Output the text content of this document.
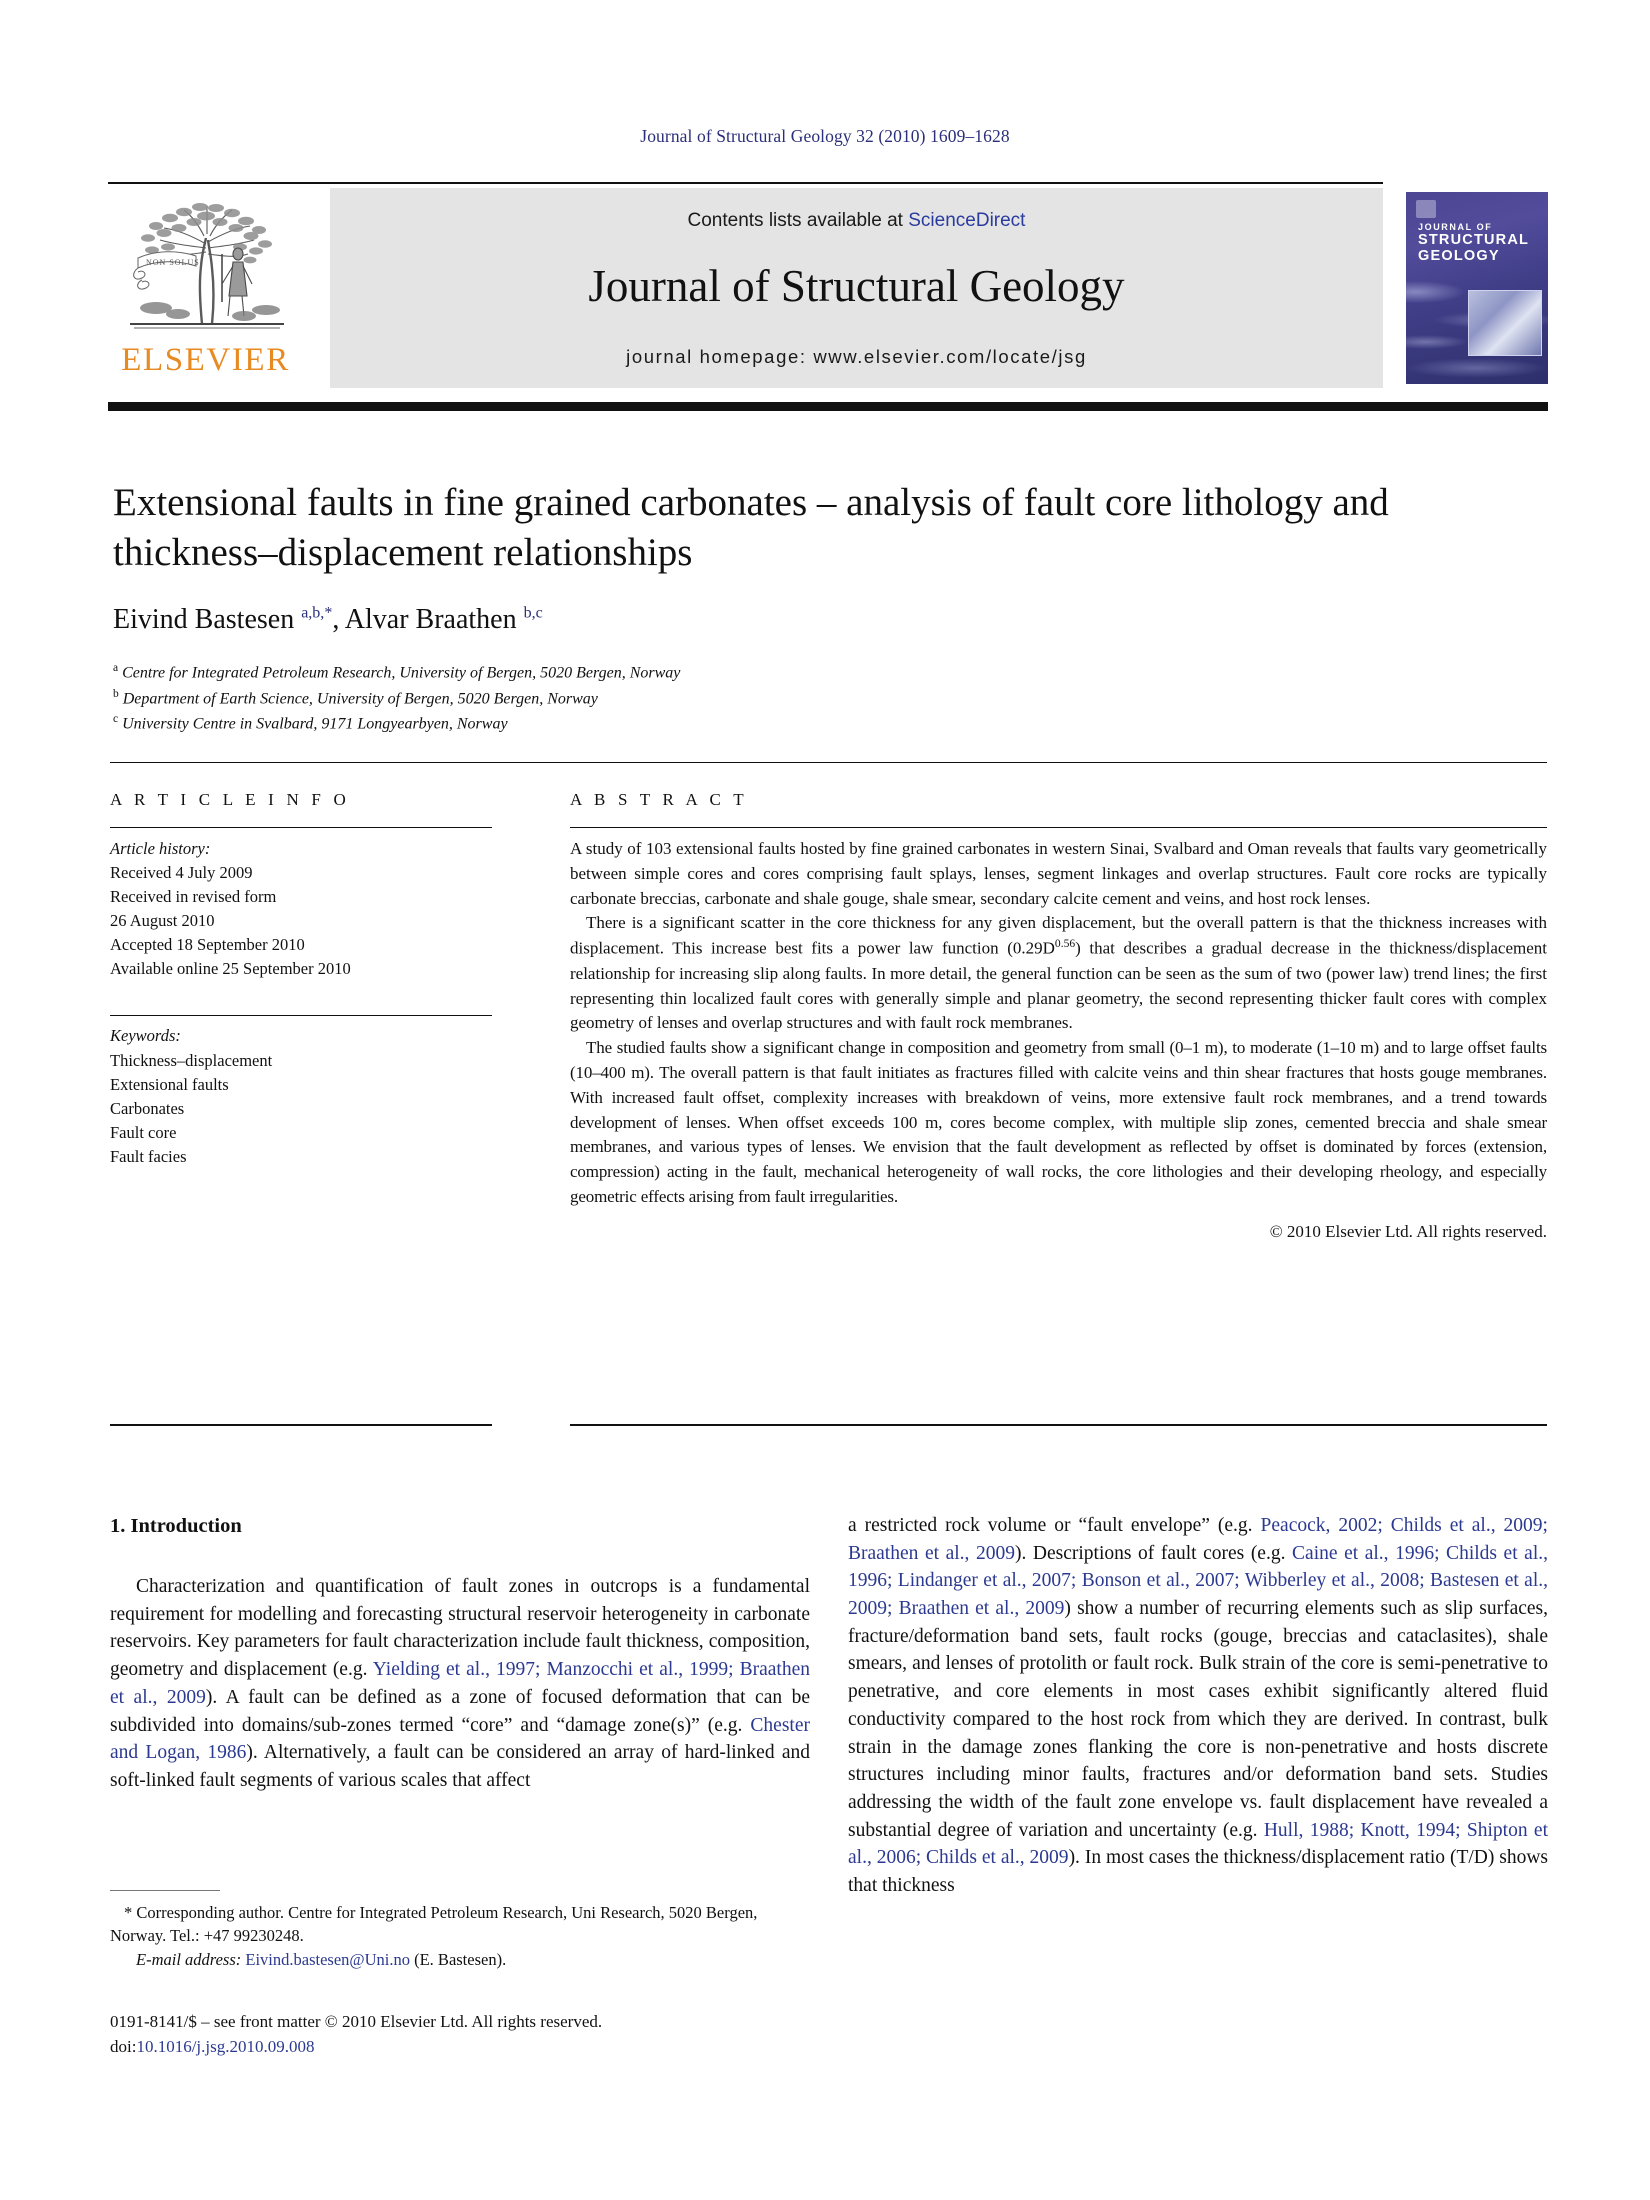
Journal of Structural Geology 32 (2010) 1609–1628
NON SOLUS
ELSEVIER
Contents lists available at ScienceDirect
Journal of Structural Geology
journal homepage: www.elsevier.com/locate/jsg
JOURNAL OF
STRUCTURAL
GEOLOGY
Extensional faults in fine grained carbonates – analysis of fault core lithology and thickness–displacement relationships
Eivind Bastesen $^{a,b,*}$, Alvar Braathen $^{b,c}$
$^a$ Centre for Integrated Petroleum Research, University of Bergen, 5020 Bergen, Norway
$^b$ Department of Earth Science, University of Bergen, 5020 Bergen, Norway
$^c$ University Centre in Svalbard, 9171 Longyearbyen, Norway
A R T I C L E I N F O
Article history:
Received 4 July 2009
Received in revised form
26 August 2010
Accepted 18 September 2010
Available online 25 September 2010
Keywords:
Thickness–displacement
Extensional faults
Carbonates
Fault core
Fault facies
A B S T R A C T

A study of 103 extensional faults hosted by fine grained carbonates in western Sinai, Svalbard and Oman reveals that faults vary geometrically between simple cores and cores comprising fault splays, lenses, segment linkages and overlap structures. Fault core rocks are typically carbonate breccias, carbonate and shale gouge, shale smear, secondary calcite cement and veins, and host rock lenses.

There is a significant scatter in the core thickness for any given displacement, but the overall pattern is that the thickness increases with displacement. This increase best fits a power law function $(0.29D^{0.56})$ that describes a gradual decrease in the thickness/displacement relationship for increasing slip along faults. In more detail, the general function can be seen as the sum of two (power law) trend lines; the first representing thin localized fault cores with generally simple and planar geometry, the second representing thicker fault cores with complex geometry of lenses and overlap structures and with fault rock membranes.

The studied faults show a significant change in composition and geometry from small (0–1 m), to moderate (1–10 m) and to large offset faults (10–400 m). The overall pattern is that fault initiates as fractures filled with calcite veins and thin shear fractures that hosts gouge membranes. With increased fault offset, complexity increases with breakdown of veins, more extensive fault rock membranes, and a trend towards development of lenses. When offset exceeds 100 m, cores become complex, with multiple slip zones, cemented breccia and shale smear membranes, and various types of lenses. We envision that the fault development as reflected by offset is dominated by forces (extension, compression) acting in the fault, mechanical heterogeneity of wall rocks, the core lithologies and their developing rheology, and especially geometric effects arising from fault irregularities.

© 2010 Elsevier Ltd. All rights reserved.
1. Introduction

Characterization and quantification of fault zones in outcrops is a fundamental requirement for modelling and forecasting structural reservoir heterogeneity in carbonate reservoirs. Key parameters for fault characterization include fault thickness, composition, geometry and displacement (e.g. Yielding et al., 1997; Manzocchi et al., 1999; Braathen et al., 2009). A fault can be defined as a zone of focused deformation that can be subdivided into domains/sub-zones termed “core” and “damage zone(s)” (e.g. Chester and Logan, 1986). Alternatively, a fault can be considered an array of hard-linked and soft-linked fault segments of various scales that affect

a restricted rock volume or “fault envelope” (e.g. Peacock, 2002; Childs et al., 2009; Braathen et al., 2009). Descriptions of fault cores (e.g. Caine et al., 1996; Childs et al., 1996; Lindanger et al., 2007; Bonson et al., 2007; Wibberley et al., 2008; Bastesen et al., 2009; Braathen et al., 2009) show a number of recurring elements such as slip surfaces, fracture/deformation band sets, fault rocks (gouge, breccias and cataclasites), shale smears, and lenses of protolith or fault rock. Bulk strain of the core is semi-penetrative to penetrative, and core elements in most cases exhibit significantly altered fluid conductivity compared to the host rock from which they are derived. In contrast, bulk strain in the damage zones flanking the core is non-penetrative and hosts discrete structures including minor faults, fractures and/or deformation band sets. Studies addressing the width of the fault zone envelope vs. fault displacement have revealed a substantial degree of variation and uncertainty (e.g. Hull, 1988; Knott, 1994; Shipton et al., 2006; Childs et al., 2009). In most cases the thickness/displacement ratio (T/D) shows that thickness

* Corresponding author. Centre for Integrated Petroleum Research, Uni Research, 5020 Bergen, Norway. Tel.: +47 99230248.

E-mail address: Eivind.bastesen@Uni.no (E. Bastesen).

0191-8141/$ – see front matter © 2010 Elsevier Ltd. All rights reserved.
doi:10.1016/j.jsg.2010.09.008
